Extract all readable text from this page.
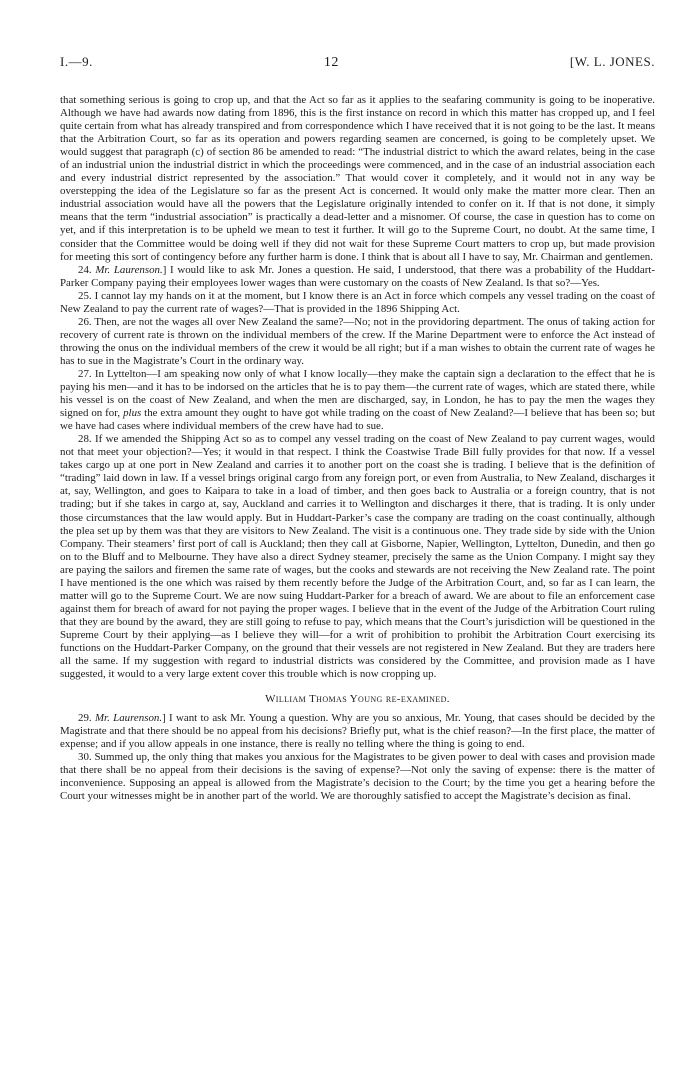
I.—9.	12	[W. L. JONES.

that something serious is going to crop up, and that the Act so far as it applies to the seafaring community is going to be inoperative. Although we have had awards now dating from 1896, this is the first instance on record in which this matter has cropped up, and I feel quite certain from what has already transpired and from correspondence which I have received that it is not going to be the last. It means that the Arbitration Court, so far as its operation and powers regarding seamen are concerned, is going to be completely upset. We would suggest that paragraph (c) of section 86 be amended to read: “The industrial district to which the award relates, being in the case of an industrial union the industrial district in which the proceedings were commenced, and in the case of an industrial association each and every industrial district represented by the association.” That would cover it completely, and it would not in any way be overstepping the idea of the Legislature so far as the present Act is concerned. It would only make the matter more clear. Then an industrial association would have all the powers that the Legislature originally intended to confer on it. If that is not done, it simply means that the term “industrial association” is practically a dead-letter and a misnomer. Of course, the case in question has to come on yet, and if this interpretation is to be upheld we mean to test it further. It will go to the Supreme Court, no doubt. At the same time, I consider that the Committee would be doing well if they did not wait for these Supreme Court matters to crop up, but made provision for meeting this sort of contingency before any further harm is done. I think that is about all I have to say, Mr. Chairman and gentlemen.

24. Mr. Laurenson.] I would like to ask Mr. Jones a question. He said, I understood, that there was a probability of the Huddart-Parker Company paying their employees lower wages than were customary on the coasts of New Zealand. Is that so?—Yes.

25. I cannot lay my hands on it at the moment, but I know there is an Act in force which compels any vessel trading on the coast of New Zealand to pay the current rate of wages?—That is provided in the 1896 Shipping Act.

26. Then, are not the wages all over New Zealand the same?—No; not in the providoring department. The onus of taking action for recovery of current rate is thrown on the individual members of the crew. If the Marine Department were to enforce the Act instead of throwing the onus on the individual members of the crew it would be all right; but if a man wishes to obtain the current rate of wages he has to sue in the Magistrate’s Court in the ordinary way.

27. In Lyttelton—I am speaking now only of what I know locally—they make the captain sign a declaration to the effect that he is paying his men—and it has to be indorsed on the articles that he is to pay them—the current rate of wages, which are stated there, while his vessel is on the coast of New Zealand, and when the men are discharged, say, in London, he has to pay the men the wages they signed on for, plus the extra amount they ought to have got while trading on the coast of New Zealand?—I believe that has been so; but we have had cases where individual members of the crew have had to sue.

28. If we amended the Shipping Act so as to compel any vessel trading on the coast of New Zealand to pay current wages, would not that meet your objection?—Yes; it would in that respect. I think the Coastwise Trade Bill fully provides for that now. If a vessel takes cargo up at one port in New Zealand and carries it to another port on the coast she is trading. I believe that is the definition of “trading” laid down in law. If a vessel brings original cargo from any foreign port, or even from Australia, to New Zealand, discharges it at, say, Wellington, and goes to Kaipara to take in a load of timber, and then goes back to Australia or a foreign country, that is not trading; but if she takes in cargo at, say, Auckland and carries it to Wellington and discharges it there, that is trading. It is only under those circumstances that the law would apply. But in Huddart-Parker’s case the company are trading on the coast continually, although the plea set up by them was that they are visitors to New Zealand. The visit is a continuous one. They trade side by side with the Union Company. Their steamers’ first port of call is Auckland; then they call at Gisborne, Napier, Wellington, Lyttelton, Dunedin, and then go on to the Bluff and to Melbourne. They have also a direct Sydney steamer, precisely the same as the Union Company. I might say they are paying the sailors and firemen the same rate of wages, but the cooks and stewards are not receiving the New Zealand rate. The point I have mentioned is the one which was raised by them recently before the Judge of the Arbitration Court, and, so far as I can learn, the matter will go to the Supreme Court. We are now suing Huddart-Parker for a breach of award. We are about to file an enforcement case against them for breach of award for not paying the proper wages. I believe that in the event of the Judge of the Arbitration Court ruling that they are bound by the award, they are still going to refuse to pay, which means that the Court’s jurisdiction will be questioned in the Supreme Court by their applying—as I believe they will—for a writ of prohibition to prohibit the Arbitration Court exercising its functions on the Huddart-Parker Company, on the ground that their vessels are not registered in New Zealand. But they are traders here all the same. If my suggestion with regard to industrial districts was considered by the Committee, and provision made as I have suggested, it would to a very large extent cover this trouble which is now cropping up.

William Thomas Young re-examined.

29. Mr. Laurenson.] I want to ask Mr. Young a question. Why are you so anxious, Mr. Young, that cases should be decided by the Magistrate and that there should be no appeal from his decisions? Briefly put, what is the chief reason?—In the first place, the matter of expense; and if you allow appeals in one instance, there is really no telling where the thing is going to end.

30. Summed up, the only thing that makes you anxious for the Magistrates to be given power to deal with cases and provision made that there shall be no appeal from their decisions is the saving of expense?—Not only the saving of expense: there is the matter of inconvenience. Supposing an appeal is allowed from the Magistrate’s decision to the Court; by the time you get a hearing before the Court your witnesses might be in another part of the world. We are thoroughly satisfied to accept the Magistrate’s decision as final.
